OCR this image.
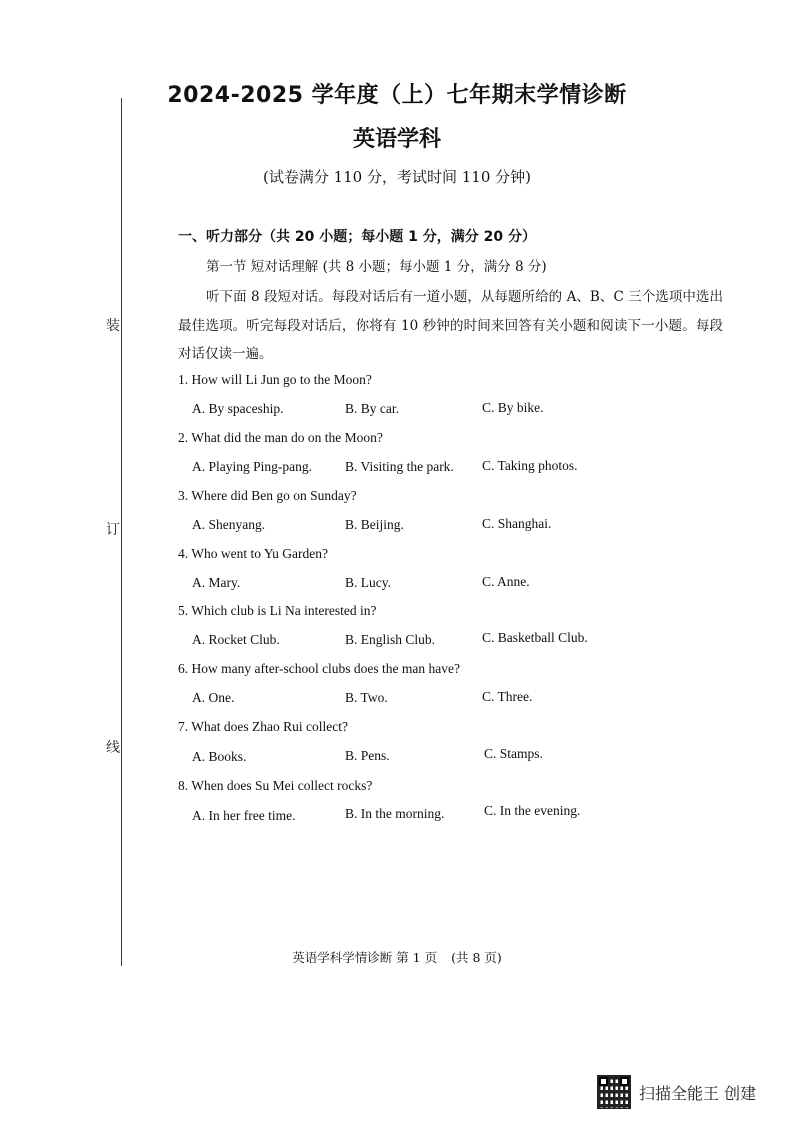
装
订
线
2024-2025 学年度（上）七年期末学情诊断
英语学科
(试卷满分 110 分，考试时间 110 分钟)
一、听力部分（共 20 小题；每小题 1 分，满分 20 分）
第一节 短对话理解 (共 8 小题；每小题 1 分，满分 8 分)

听下面 8 段短对话。每段对话后有一道小题，从每题所给的 A、B、C 三个选项中选出最佳选项。听完每段对话后，你将有 10 秒钟的时间来回答有关小题和阅读下一小题。每段对话仅读一遍。

1. How will Li Jun go to the Moon?
A. By spaceship.	B. By car.	C. By bike.
2. What did the man do on the Moon?
A. Playing Ping-pang. B. Visiting the park. C. Taking photos.
3. Where did Ben go on Sunday?
A. Shenyang.	B. Beijing.	C. Shanghai.
4. Who went to Yu Garden?
A. Mary.	B. Lucy.	C. Anne.
5. Which club is Li Na interested in?
A. Rocket Club.	B. English Club.	C. Basketball Club.
6. How many after-school clubs does the man have?
A. One.	B. Two.	C. Three.
7. What does Zhao Rui collect?
A. Books.	B. Pens.	C. Stamps.
8. When does Su Mei collect rocks?
A. In her free time.	B. In the morning.	C. In the evening.
英语学科学情诊断 第 1 页 (共 8 页)
扫描全能王 创建
